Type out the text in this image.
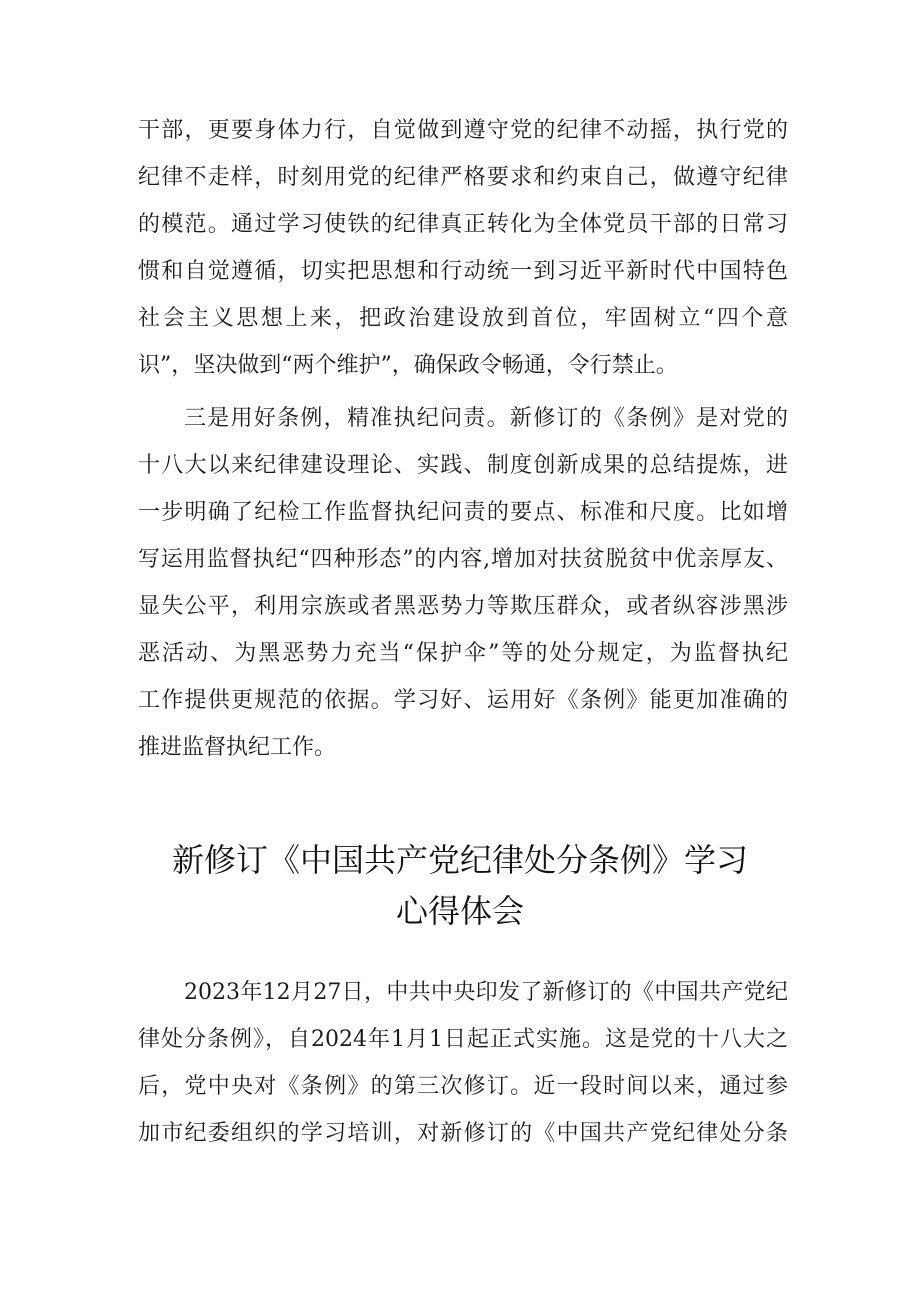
干部，更要身体力行，自觉做到遵守党的纪律不动摇，执行党的
纪律不走样，时刻用党的纪律严格要求和约束自己，做遵守纪律
的模范。通过学习使铁的纪律真正转化为全体党员干部的日常习
惯和自觉遵循，切实把思想和行动统一到习近平新时代中国特色
社会主义思想上来，把政治建设放到首位，牢固树立“四个意
识”，坚决做到“两个维护”，确保政令畅通，令行禁止。
三是用好条例，精准执纪问责。新修订的《条例》是对党的
十八大以来纪律建设理论、实践、制度创新成果的总结提炼，进
一步明确了纪检工作监督执纪问责的要点、标准和尺度。比如增
写运用监督执纪“四种形态”的内容,增加对扶贫脱贫中优亲厚友、
显失公平，利用宗族或者黑恶势力等欺压群众，或者纵容涉黑涉
恶活动、为黑恶势力充当“保护伞”等的处分规定，为监督执纪
工作提供更规范的依据。学习好、运用好《条例》能更加准确的
推进监督执纪工作。
新修订《中国共产党纪律处分条例》学习
心得体会
2023年12月27日，中共中央印发了新修订的《中国共产党纪
律处分条例》，自2024年1月1日起正式实施。这是党的十八大之
后，党中央对《条例》的第三次修订。近一段时间以来，通过参
加市纪委组织的学习培训，对新修订的《中国共产党纪律处分条
